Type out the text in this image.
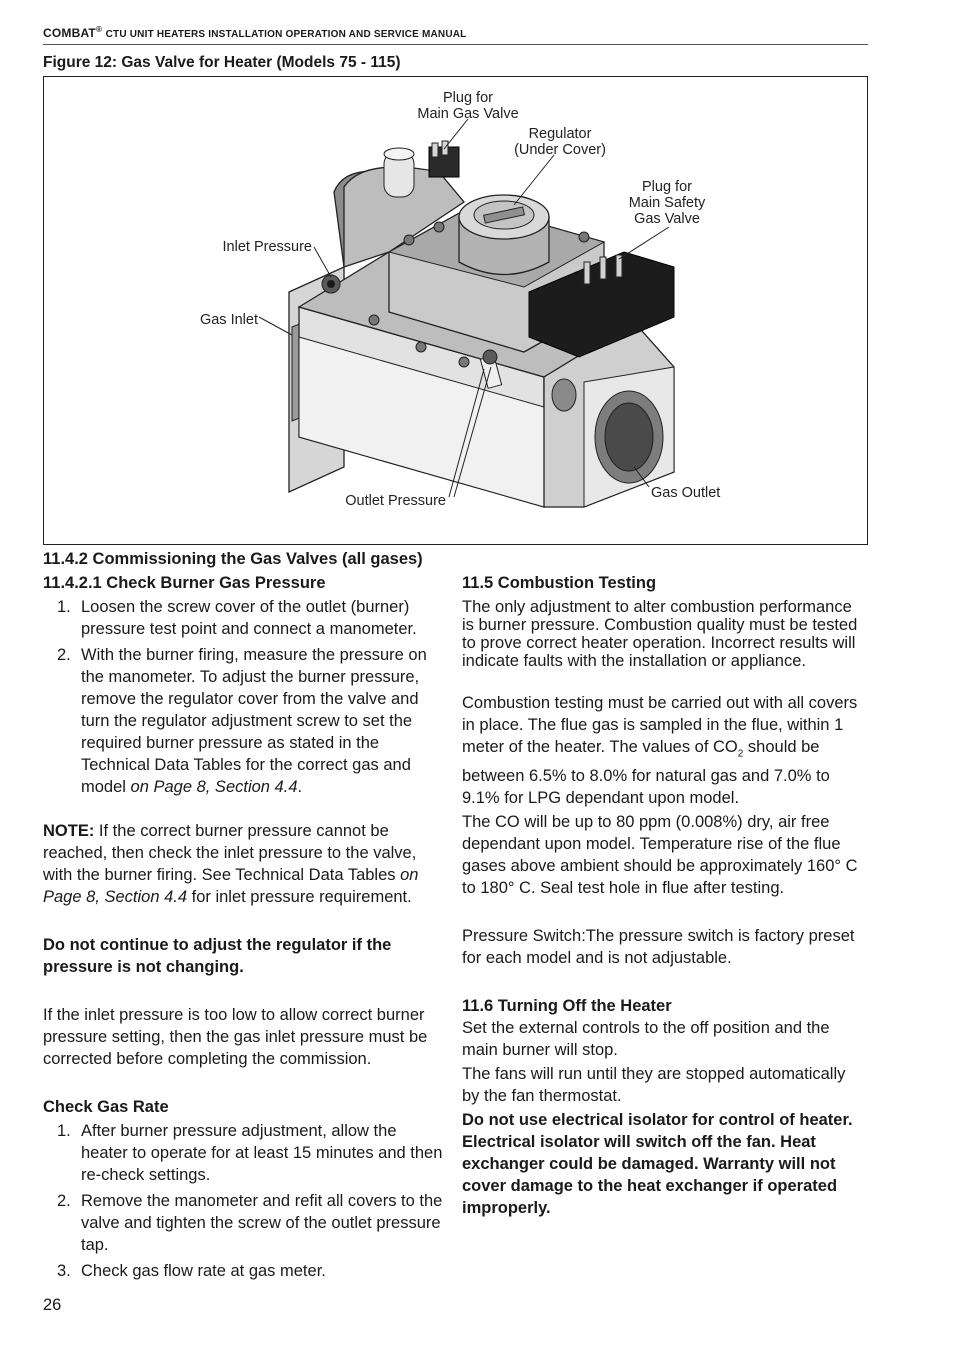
COMBAT® CTU UNIT HEATERS INSTALLATION OPERATION AND SERVICE MANUAL
Figure 12: Gas Valve for Heater (Models 75 - 115)
Plug for
Main Gas Valve
Regulator
(Under Cover)
Plug for
Main Safety
Gas Valve
Inlet Pressure
Gas Inlet
Outlet Pressure	Gas Outlet
11.4.2 Commissioning the Gas Valves (all gases)

11.4.2.1 Check Burner Gas Pressure

1. Loosen the screw cover of the outlet (burner) pressure test point and connect a manometer.
2. With the burner firing, measure the pressure on the manometer. To adjust the burner pressure, remove the regulator cover from the valve and turn the regulator adjustment screw to set the required burner pressure as stated in the Technical Data Tables for the correct gas and model on Page 8, Section 4.4.

NOTE: If the correct burner pressure cannot be reached, then check the inlet pressure to the valve, with the burner firing. See Technical Data Tables on Page 8, Section 4.4 for inlet pressure requirement.

Do not continue to adjust the regulator if the pressure is not changing.

If the inlet pressure is too low to allow correct burner pressure setting, then the gas inlet pressure must be corrected before completing the commission.

Check Gas Rate

1. After burner pressure adjustment, allow the heater to operate for at least 15 minutes and then re-check settings.
2. Remove the manometer and refit all covers to the valve and tighten the screw of the outlet pressure tap.
3. Check gas flow rate at gas meter.

11.5 Combustion Testing

The only adjustment to alter combustion performance is burner pressure. Combustion quality must be tested to prove correct heater operation. Incorrect results will indicate faults with the installation or appliance.

Combustion testing must be carried out with all covers in place. The flue gas is sampled in the flue, within 1 meter of the heater. The values of $CO_2$ should be between 6.5% to 8.0% for natural gas and 7.0% to 9.1% for LPG dependant upon model.

The CO will be up to 80 ppm (0.008%) dry, air free dependant upon model. Temperature rise of the flue gases above ambient should be approximately 160° C to 180° C. Seal test hole in flue after testing.

Pressure Switch:The pressure switch is factory preset for each model and is not adjustable.

11.6 Turning Off the Heater

Set the external controls to the off position and the main burner will stop.

The fans will run until they are stopped automatically by the fan thermostat.

Do not use electrical isolator for control of heater. Electrical isolator will switch off the fan. Heat exchanger could be damaged. Warranty will not cover damage to the heat exchanger if operated improperly.

26
